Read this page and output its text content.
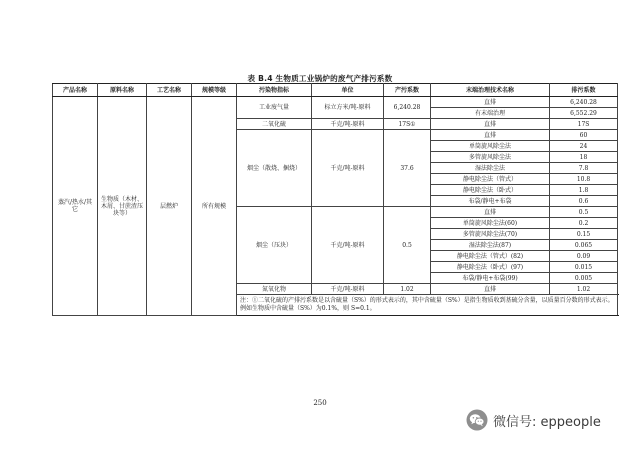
表 B.4 生物质工业锅炉的废气产排污系数
产品名称	原料名称	工艺名称	规模等级	污染物指标	单位	产污系数	末端治理技术名称	排污系数
蒸汽/热水/其它	生物质（木材、木屑、甘蔗渣压块等）	层燃炉	所有规模	工业废气量	标立方米/吨-原料	6,240.28	直排	6,240.28
							有末端治理	6,552.29
				二氧化硫	千克/吨-原料	17S①	直排	17S
				烟尘（散烧、捆烧）	千克/吨-原料	37.6	直排	60
							单筒旋风除尘法	24
							多管旋风除尘法	18
							湿法除尘法	7.8
							静电除尘法（管式）	10.8
							静电除尘法（卧式）	1.8
							布袋/静电+布袋	0.6
				烟尘（压块）	千克/吨-原料	0.5	直排	0.5
							单筒旋风除尘法(60)	0.2
							多管旋风除尘法(70)	0.15
							湿法除尘法(87)	0.065
							静电除尘法（管式）(82)	0.09
							静电除尘法（卧式）(97)	0.015
							布袋/静电+布袋(99)	0.005
				氮氧化物	千克/吨-原料	1.02	直排	1.02
				注：①二氧化硫的产排污系数是以含硫量（S%）的形式表示的，其中含硫量（S%）是指生物质收到基硫分含量，以质量百分数的形式表示。例如生物质中含硫量（S%）为0.1%，则 S=0.1。				
250
微信号: eppeople
